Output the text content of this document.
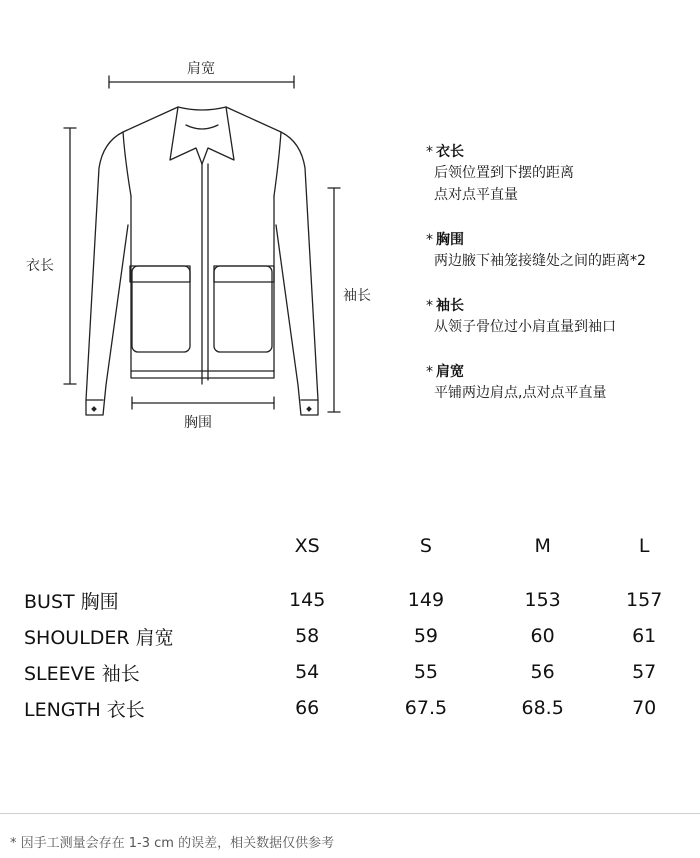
肩宽
衣长
袖长
胸围
* 衣长
后领位置到下摆的距离
点对点平直量
* 胸围
两边腋下袖笼接缝处之间的距离*2
* 袖长
从领子骨位过小肩直量到袖口
* 肩宽
平铺两边肩点,点对点平直量
	XS	S	M	L

BUST 胸围	145	149	153	157
SHOULDER 肩宽	58	59	60	61
SLEEVE 袖长	54	55	56	57
LENGTH 衣长	66	67.5	68.5	70
* 因手工测量会存在 1-3 cm 的误差，相关数据仅供参考
